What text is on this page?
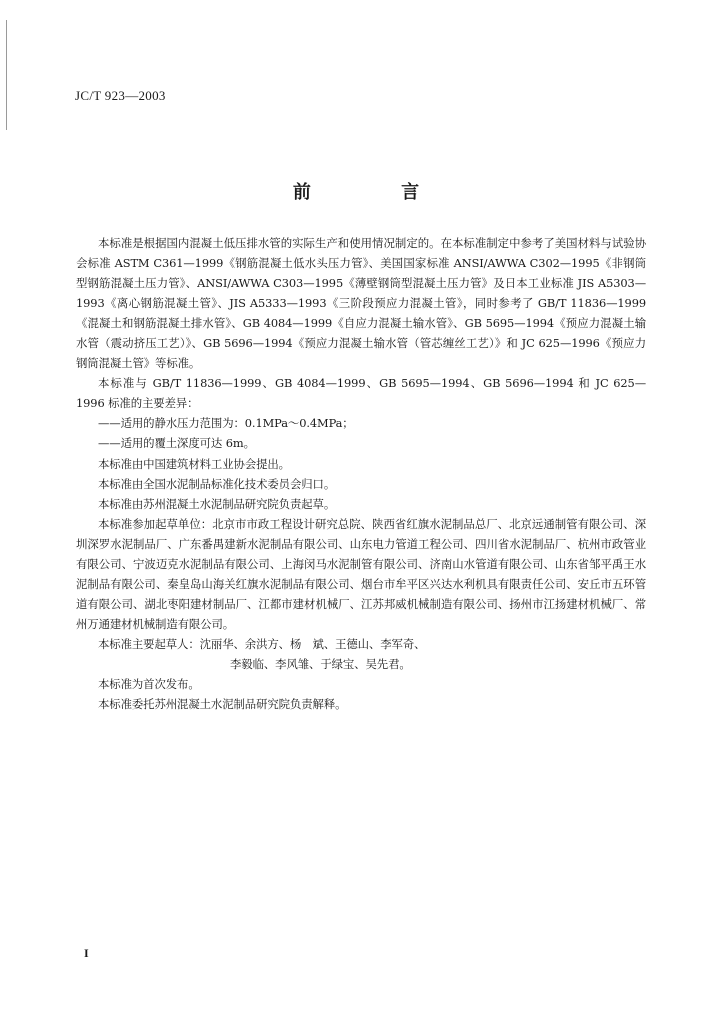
JC/T 923—2003
前 言

本标准是根据国内混凝土低压排水管的实际生产和使用情况制定的。在本标准制定中参考了美国材料与试验协会标准 ASTM C361—1999《钢筋混凝土低水头压力管》、美国国家标准 ANSI/AWWA C302—1995《非钢筒型钢筋混凝土压力管》、ANSI/AWWA C303—1995《薄壁钢筒型混凝土压力管》及日本工业标准 JIS A5303—1993《离心钢筋混凝土管》、JIS A5333—1993《三阶段预应力混凝土管》，同时参考了 GB/T 11836—1999《混凝土和钢筋混凝土排水管》、GB 4084—1999《自应力混凝土输水管》、GB 5695—1994《预应力混凝土输水管（震动挤压工艺）》、GB 5696—1994《预应力混凝土输水管（管芯缠丝工艺）》和 JC 625—1996《预应力钢筒混凝土管》等标准。

本标准与 GB/T 11836—1999、GB 4084—1999、GB 5695—1994、GB 5696—1994 和 JC 625—1996 标准的主要差异：

——适用的静水压力范围为：0.1MPa～0.4MPa；

——适用的覆土深度可达 6m。

本标准由中国建筑材料工业协会提出。

本标准由全国水泥制品标准化技术委员会归口。

本标准由苏州混凝土水泥制品研究院负责起草。

本标准参加起草单位：北京市市政工程设计研究总院、陕西省红旗水泥制品总厂、北京远通制管有限公司、深圳深罗水泥制品厂、广东番禺建新水泥制品有限公司、山东电力管道工程公司、四川省水泥制品厂、杭州市政管业有限公司、宁波迈克水泥制品有限公司、上海闵马水泥制管有限公司、济南山水管道有限公司、山东省邹平禹王水泥制品有限公司、秦皇岛山海关红旗水泥制品有限公司、烟台市牟平区兴达水利机具有限责任公司、安丘市五环管道有限公司、湖北枣阳建材制品厂、江都市建材机械厂、江苏邦威机械制造有限公司、扬州市江扬建材机械厂、常州万通建材机械制造有限公司。

本标准主要起草人：沈丽华、余洪方、杨　斌、王德山、李军奇、

李毅临、李风雏、于绿宝、吴先君。

本标准为首次发布。

本标准委托苏州混凝土水泥制品研究院负责解释。

I
